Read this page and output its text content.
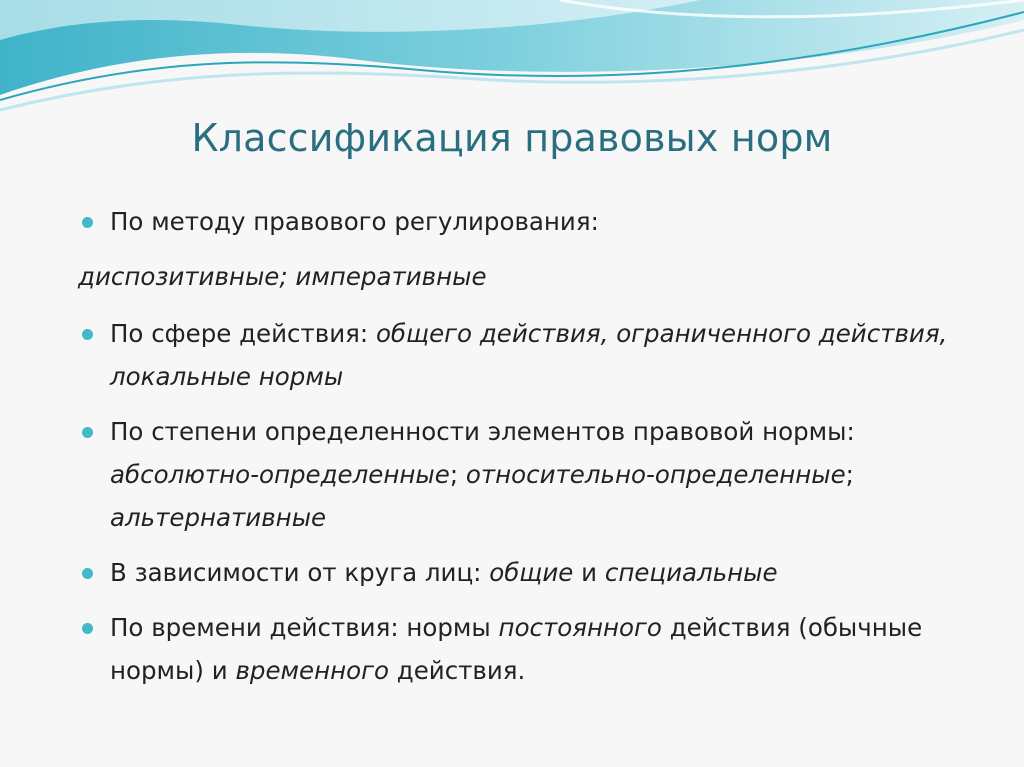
Классификация правовых норм
По методу правового регулирования:
диспозитивные; императивные
По сфере действия: общего действия, ограниченного действия, локальные нормы
По степени определенности элементов правовой нормы: абсолютно-определенные; относительно-определенные; альтернативные
В зависимости от круга лиц: общие и специальные
По времени действия: нормы постоянного действия (обычные нормы) и временного действия.
